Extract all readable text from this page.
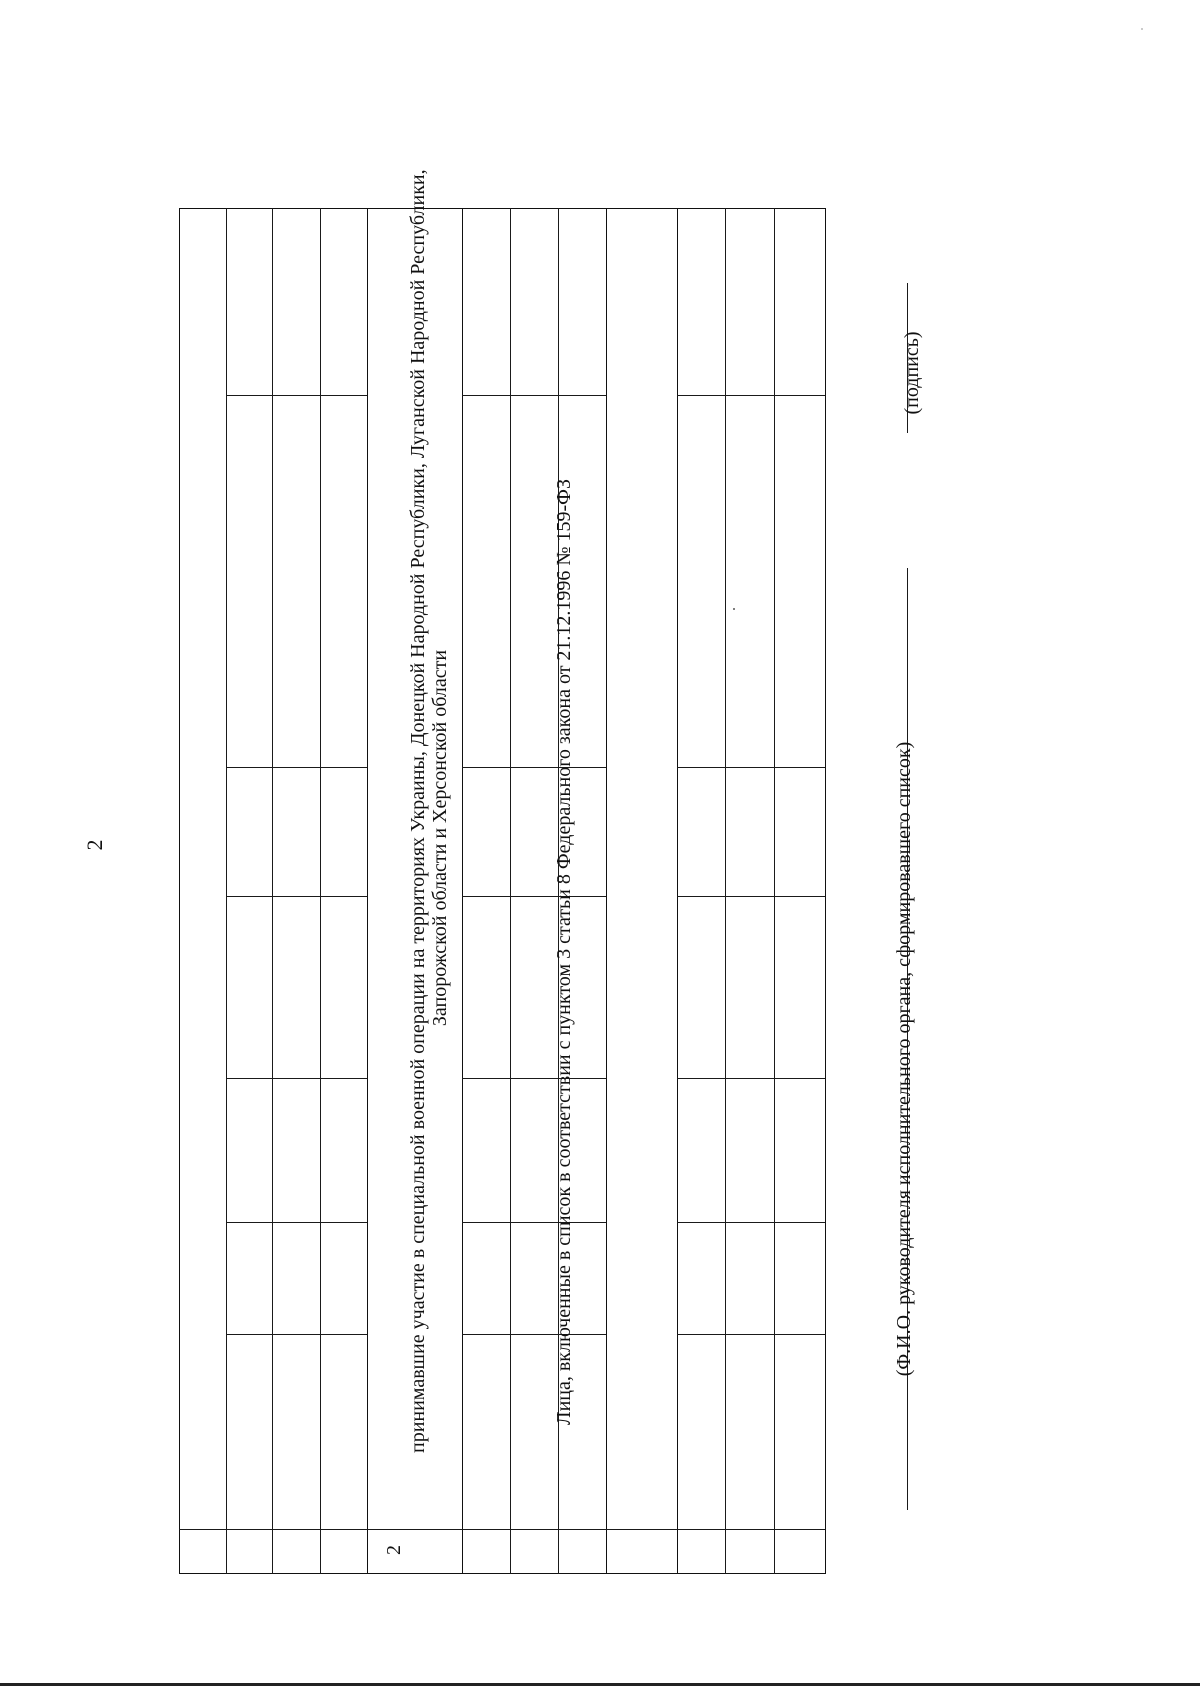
2
2
принимавшие участие в специальной военной операции на территориях Украины, Донецкой Народной Республики, Луганской Народной Республики, Запорожской области и Херсонской области	Лица, включенные в список в соответствии с пунктом 3 статьи 8 Федерального закона от 21.12.1996 № 159-ФЗ	(Ф.И.О. руководителя исполнительного органа, сформировавшего список)
(подпись)
